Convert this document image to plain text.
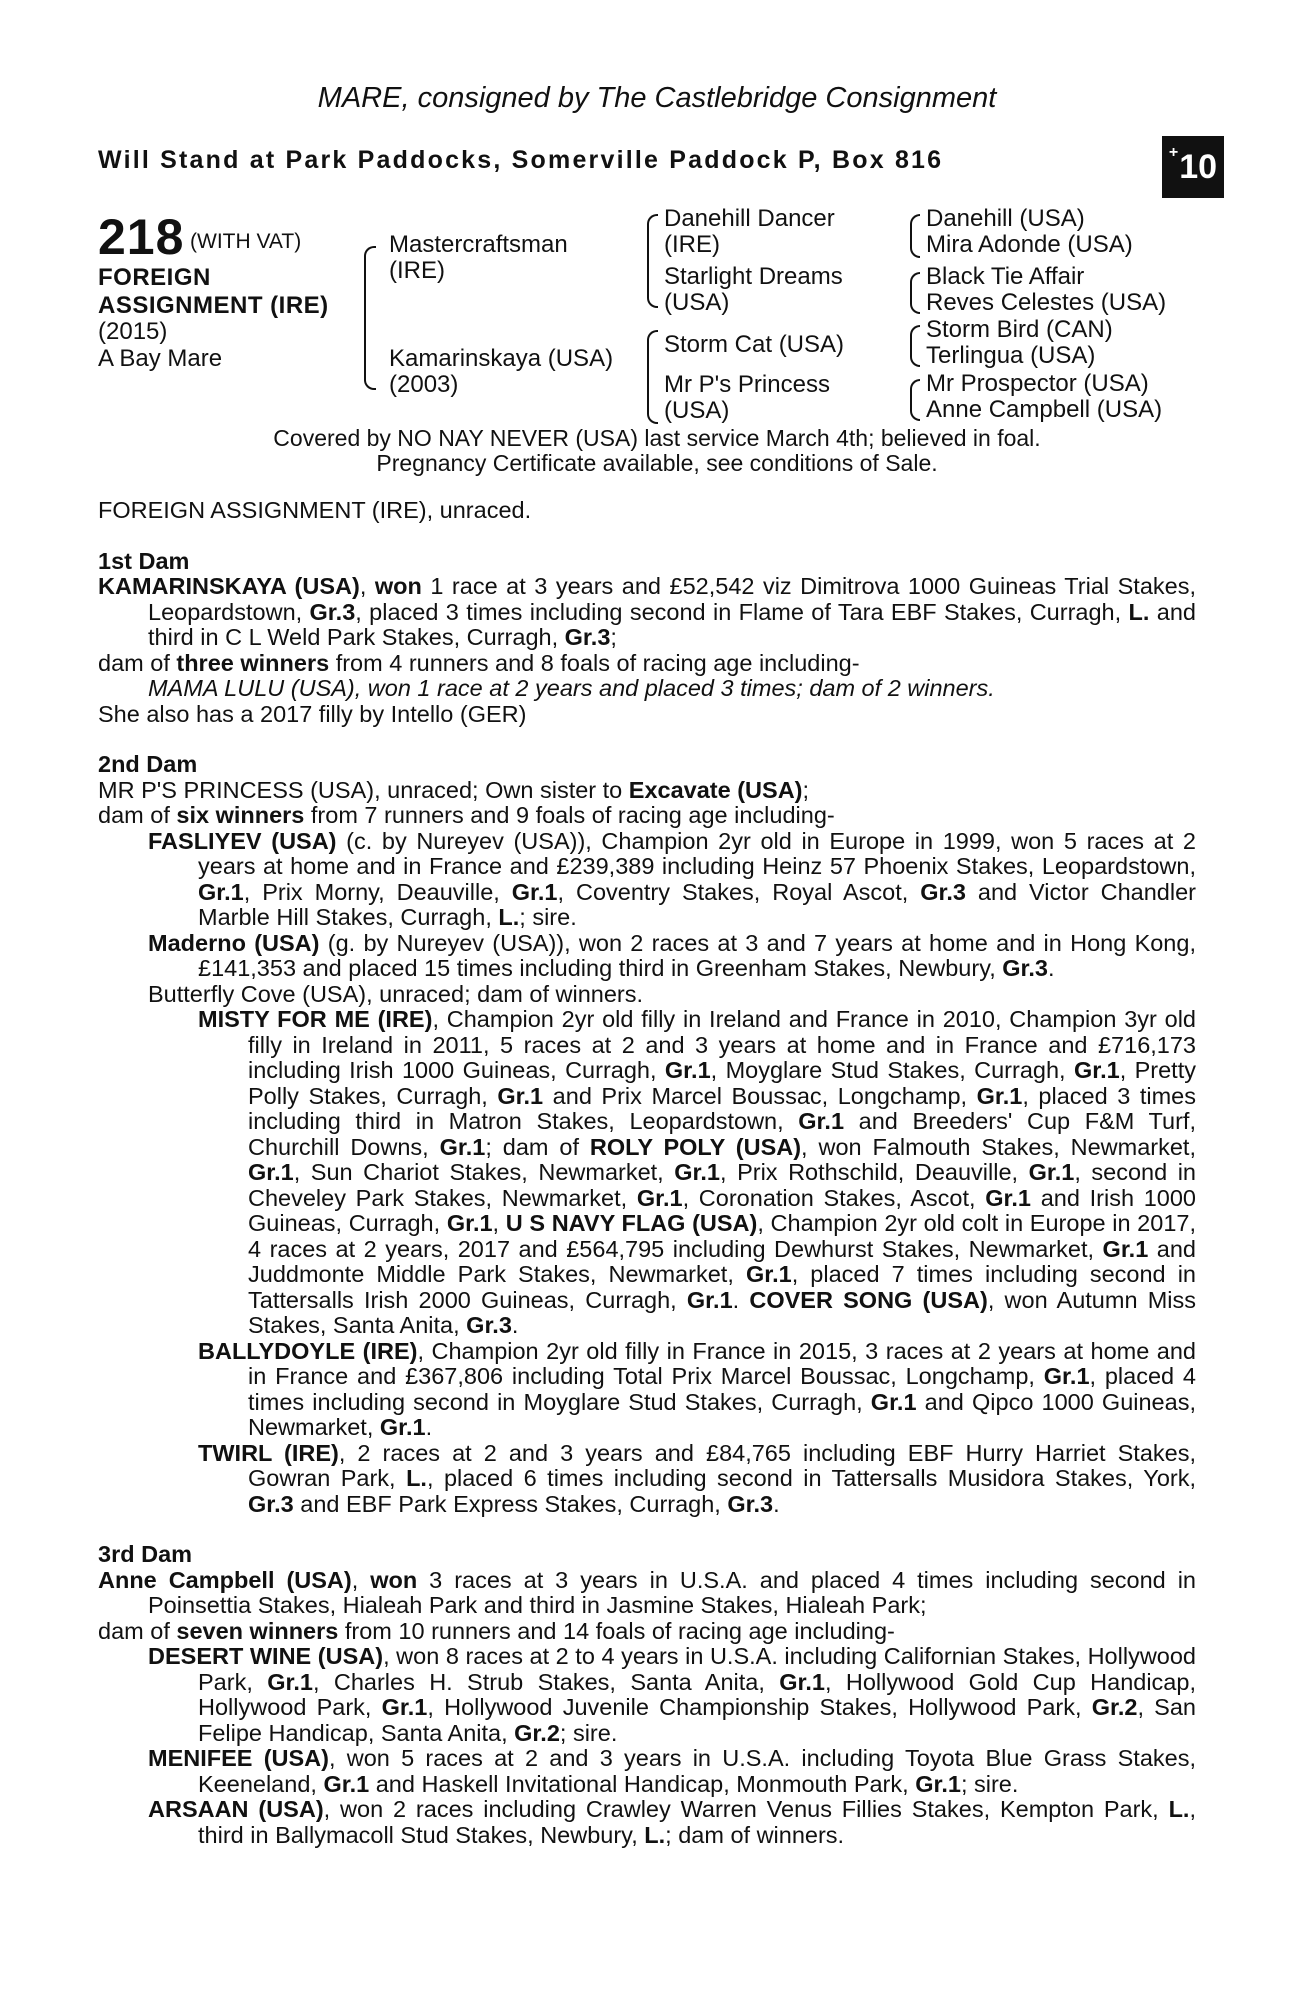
MARE, consigned by The Castlebridge Consignment
Will Stand at Park Paddocks, Somerville Paddock P, Box 816	+ 10
218 (WITH VAT)
FOREIGN
ASSIGNMENT (IRE)
(2015)
A Bay Mare
Mastercraftsman
(IRE)
Kamarinskaya (USA)
(2003)
Danehill Dancer
(IRE)
Starlight Dreams
(USA)
Storm Cat (USA)
Mr P's Princess
(USA)
Danehill (USA)
Mira Adonde (USA)
Black Tie Affair
Reves Celestes (USA)
Storm Bird (CAN)
Terlingua (USA)
Mr Prospector (USA)
Anne Campbell (USA)
Covered by NO NAY NEVER (USA) last service March 4th; believed in foal.
Pregnancy Certificate available, see conditions of Sale.

FOREIGN ASSIGNMENT (IRE), unraced.

1st Dam

KAMARINSKAYA (USA), won 1 race at 3 years and £52,542 viz Dimitrova 1000 Guineas Trial Stakes, Leopardstown, Gr.3, placed 3 times including second in Flame of Tara EBF Stakes, Curragh, L. and third in C L Weld Park Stakes, Curragh, Gr.3;

dam of three winners from 4 runners and 8 foals of racing age including-

MAMA LULU (USA), won 1 race at 2 years and placed 3 times; dam of 2 winners.

She also has a 2017 filly by Intello (GER)

2nd Dam

MR P'S PRINCESS (USA), unraced; Own sister to Excavate (USA);

dam of six winners from 7 runners and 9 foals of racing age including-

FASLIYEV (USA) (c. by Nureyev (USA)), Champion 2yr old in Europe in 1999, won 5 races at 2 years at home and in France and £239,389 including Heinz 57 Phoenix Stakes, Leopardstown, Gr.1, Prix Morny, Deauville, Gr.1, Coventry Stakes, Royal Ascot, Gr.3 and Victor Chandler Marble Hill Stakes, Curragh, L.; sire.

Maderno (USA) (g. by Nureyev (USA)), won 2 races at 3 and 7 years at home and in Hong Kong, £141,353 and placed 15 times including third in Greenham Stakes, Newbury, Gr.3.

Butterfly Cove (USA), unraced; dam of winners.

MISTY FOR ME (IRE), Champion 2yr old filly in Ireland and France in 2010, Champion 3yr old filly in Ireland in 2011, 5 races at 2 and 3 years at home and in France and £716,173 including Irish 1000 Guineas, Curragh, Gr.1, Moyglare Stud Stakes, Curragh, Gr.1, Pretty Polly Stakes, Curragh, Gr.1 and Prix Marcel Boussac, Longchamp, Gr.1, placed 3 times including third in Matron Stakes, Leopardstown, Gr.1 and Breeders' Cup F&M Turf, Churchill Downs, Gr.1; dam of ROLY POLY (USA), won Falmouth Stakes, Newmarket, Gr.1, Sun Chariot Stakes, Newmarket, Gr.1, Prix Rothschild, Deauville, Gr.1, second in Cheveley Park Stakes, Newmarket, Gr.1, Coronation Stakes, Ascot, Gr.1 and Irish 1000 Guineas, Curragh, Gr.1, U S NAVY FLAG (USA), Champion 2yr old colt in Europe in 2017, 4 races at 2 years, 2017 and £564,795 including Dewhurst Stakes, Newmarket, Gr.1 and Juddmonte Middle Park Stakes, Newmarket, Gr.1, placed 7 times including second in Tattersalls Irish 2000 Guineas, Curragh, Gr.1. COVER SONG (USA), won Autumn Miss Stakes, Santa Anita, Gr.3.

BALLYDOYLE (IRE), Champion 2yr old filly in France in 2015, 3 races at 2 years at home and in France and £367,806 including Total Prix Marcel Boussac, Longchamp, Gr.1, placed 4 times including second in Moyglare Stud Stakes, Curragh, Gr.1 and Qipco 1000 Guineas, Newmarket, Gr.1.

TWIRL (IRE), 2 races at 2 and 3 years and £84,765 including EBF Hurry Harriet Stakes, Gowran Park, L., placed 6 times including second in Tattersalls Musidora Stakes, York, Gr.3 and EBF Park Express Stakes, Curragh, Gr.3.

3rd Dam

Anne Campbell (USA), won 3 races at 3 years in U.S.A. and placed 4 times including second in Poinsettia Stakes, Hialeah Park and third in Jasmine Stakes, Hialeah Park;

dam of seven winners from 10 runners and 14 foals of racing age including-

DESERT WINE (USA), won 8 races at 2 to 4 years in U.S.A. including Californian Stakes, Hollywood Park, Gr.1, Charles H. Strub Stakes, Santa Anita, Gr.1, Hollywood Gold Cup Handicap, Hollywood Park, Gr.1, Hollywood Juvenile Championship Stakes, Hollywood Park, Gr.2, San Felipe Handicap, Santa Anita, Gr.2; sire.

MENIFEE (USA), won 5 races at 2 and 3 years in U.S.A. including Toyota Blue Grass Stakes, Keeneland, Gr.1 and Haskell Invitational Handicap, Monmouth Park, Gr.1; sire.

ARSAAN (USA), won 2 races including Crawley Warren Venus Fillies Stakes, Kempton Park, L., third in Ballymacoll Stud Stakes, Newbury, L.; dam of winners.
